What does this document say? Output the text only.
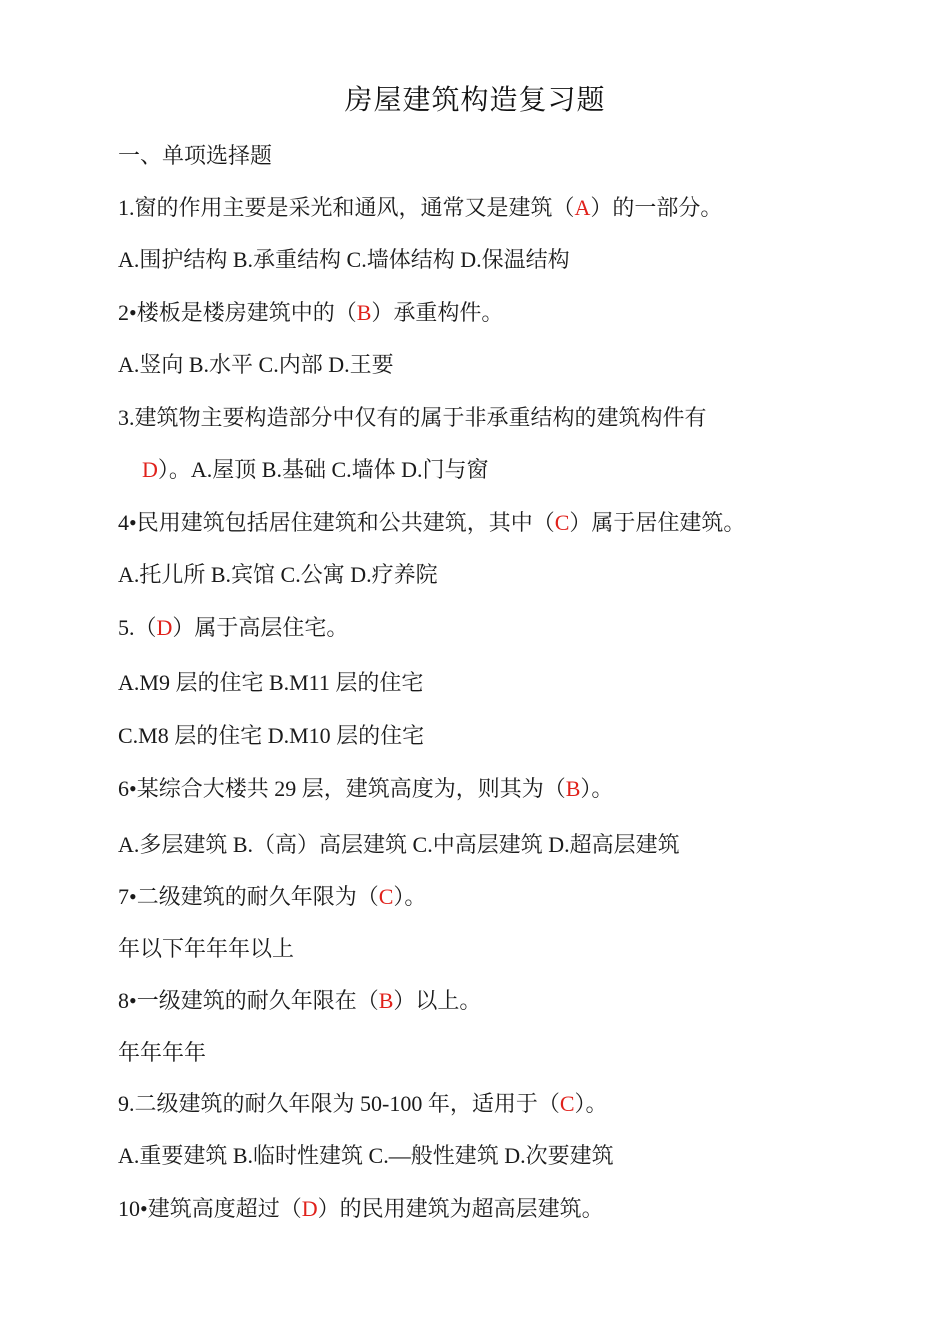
房屋建筑构造复习题
一、单项选择题
1.窗的作用主要是采光和通风，通常又是建筑（A）的一部分。
A.围护结构 B.承重结构 C.墙体结构 D.保温结构
2•楼板是楼房建筑中的（B）承重构件。
A.竖向 B.水平 C.内部 D.王要
3.建筑物主要构造部分中仅有的属于非承重结构的建筑构件有
D）。A.屋顶 B.基础 C.墙体 D.门与窗
4•民用建筑包括居住建筑和公共建筑，其中（C）属于居住建筑。
A.托儿所 B.宾馆 C.公寓 D.疗养院
5.（D）属于高层住宅。
A.M9 层的住宅 B.M11 层的住宅
C.M8 层的住宅 D.M10 层的住宅
6•某综合大楼共 29 层，建筑高度为，则其为（B）。
A.多层建筑 B.（高）高层建筑 C.中高层建筑 D.超高层建筑
7•二级建筑的耐久年限为（C）。
年以下年年年以上
8•一级建筑的耐久年限在（B）以上。
年年年年
9.二级建筑的耐久年限为 50-100 年，适用于（C）。
A.重要建筑 B.临时性建筑 C.—般性建筑 D.次要建筑
10•建筑高度超过（D）的民用建筑为超高层建筑。
